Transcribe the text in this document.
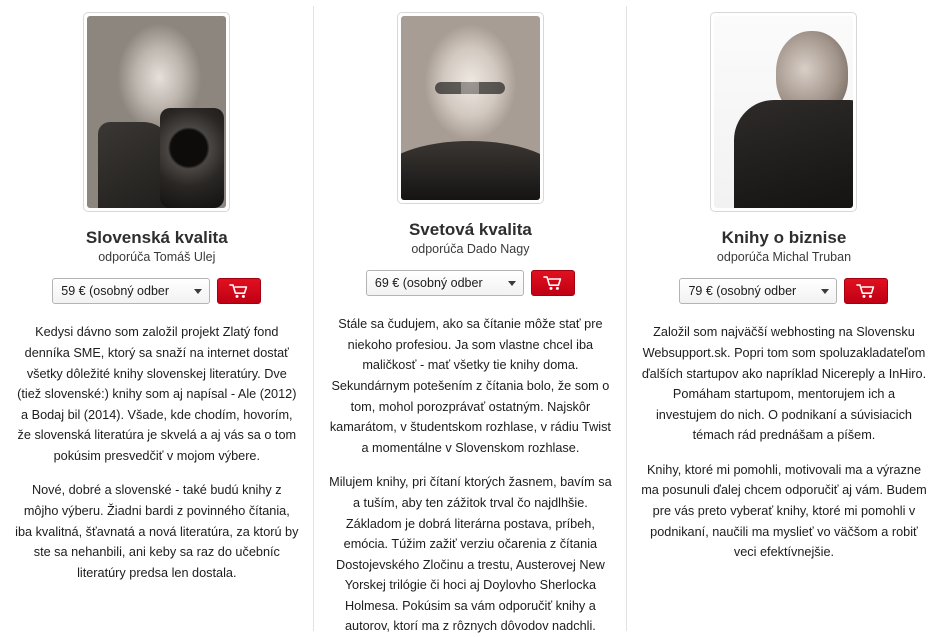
Slovenská kvalita
odporúča Tomáš Ulej
59 € (osobný odber

Kedysi dávno som založil projekt Zlatý fond denníka SME, ktorý sa snaží na internet dostať všetky dôležité knihy slovenskej literatúry. Dve (tiež slovenské:) knihy som aj napísal - Ale (2012) a Bodaj bil (2014). Všade, kde chodím, hovorím, že slovenská literatúra je skvelá a aj vás sa o tom pokúsim presvedčiť v mojom výbere.

Nové, dobré a slovenské - také budú knihy z môjho výberu. Žiadni bardi z povinného čítania, iba kvalitná, šťavnatá a nová literatúra, za ktorú by ste sa nehanbili, ani keby sa raz do učebníc literatúry predsa len dostala.

Svetová kvalita
odporúča Dado Nagy
69 € (osobný odber

Stále sa čudujem, ako sa čítanie môže stať pre niekoho profesiou. Ja som vlastne chcel iba maličkosť - mať všetky tie knihy doma. Sekundárnym potešením z čítania bolo, že som o tom, mohol porozprávať ostatným. Najskôr kamarátom, v študentskom rozhlase, v rádiu Twist a momentálne v Slovenskom rozhlase.

Milujem knihy, pri čítaní ktorých žasnem, bavím sa a tuším, aby ten zážitok trval čo najdlhšie. Základom je dobrá literárna postava, príbeh, emócia. Túžim zažiť verziu očarenia z čítania Dostojevského Zločinu a trestu, Austerovej New Yorskej trilógie či hoci aj Doylovho Sherlocka Holmesa. Pokúsim sa vám odporučiť knihy a autorov, ktorí ma z rôznych dôvodov nadchli.

Knihy o biznise
odporúča Michal Truban
79 € (osobný odber

Založil som najväčší webhosting na Slovensku Websupport.sk. Popri tom som spoluzakladateľom ďalších startupov ako napríklad Nicereply a InHiro. Pomáham startupom, mentorujem ich a investujem do nich. O podnikaní a súvisiacich témach rád prednášam a píšem.

Knihy, ktoré mi pomohli, motivovali ma a výrazne ma posunuli ďalej chcem odporučiť aj vám. Budem pre vás preto vyberať knihy, ktoré mi pomohli v podnikaní, naučili ma myslieť vo väčšom a robiť veci efektívnejšie.
